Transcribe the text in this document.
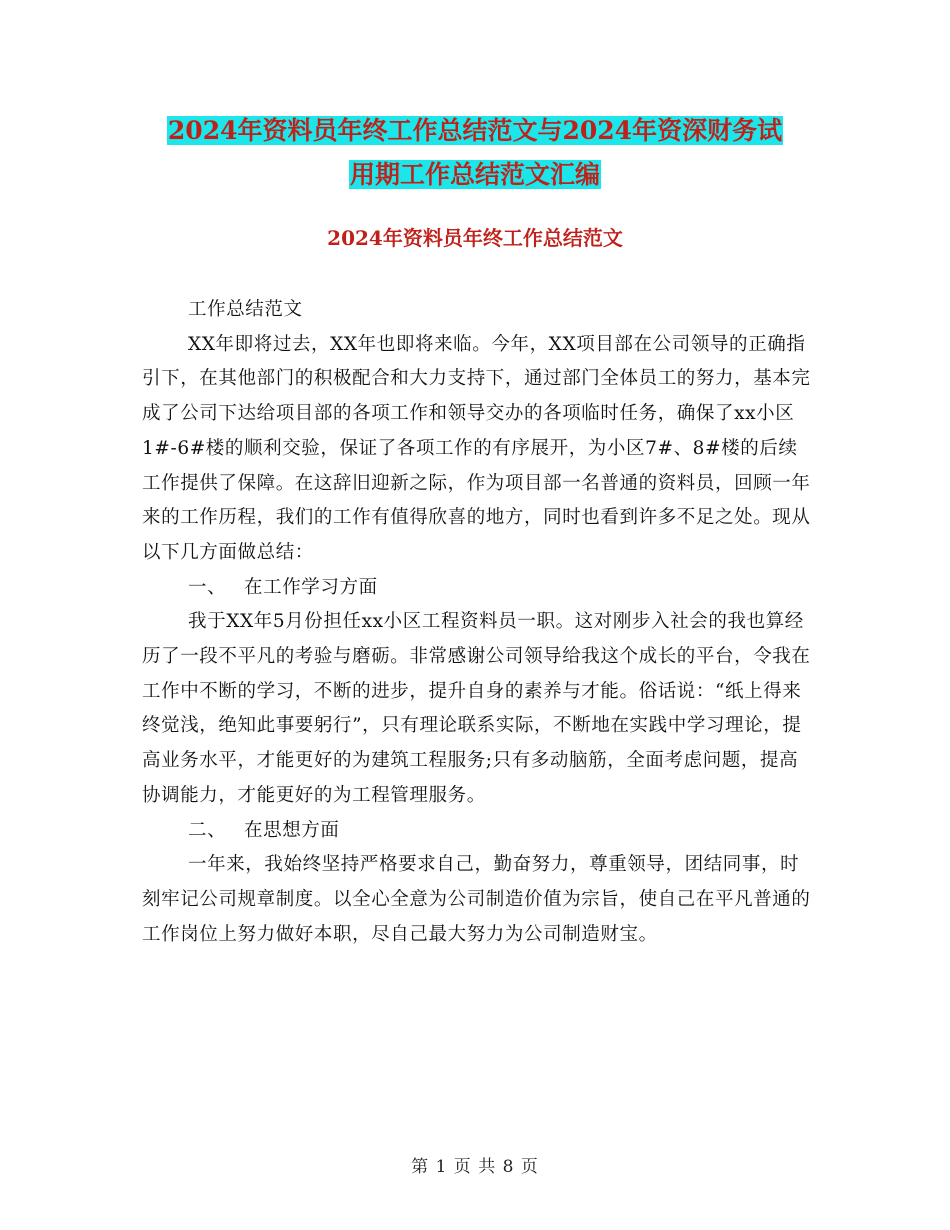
2024年资料员年终工作总结范文与2024年资深财务试
用期工作总结范文汇编
2024年资料员年终工作总结范文

工作总结范文

XX年即将过去，XX年也即将来临。今年，XX项目部在公司领导的正确指引下，在其他部门的积极配合和大力支持下，通过部门全体员工的努力，基本完成了公司下达给项目部的各项工作和领导交办的各项临时任务，确保了xx小区1#-6#楼的顺利交验，保证了各项工作的有序展开，为小区7#、8#楼的后续工作提供了保障。在这辞旧迎新之际，作为项目部一名普通的资料员，回顾一年来的工作历程，我们的工作有值得欣喜的地方，同时也看到许多不足之处。现从以下几方面做总结：

一、 在工作学习方面

我于XX年5月份担任xx小区工程资料员一职。这对刚步入社会的我也算经历了一段不平凡的考验与磨砺。非常感谢公司领导给我这个成长的平台，令我在工作中不断的学习，不断的进步，提升自身的素养与才能。俗话说：“纸上得来终觉浅，绝知此事要躬行”，只有理论联系实际，不断地在实践中学习理论，提高业务水平，才能更好的为建筑工程服务;只有多动脑筋，全面考虑问题，提高协调能力，才能更好的为工程管理服务。

二、 在思想方面

一年来，我始终坚持严格要求自己，勤奋努力，尊重领导，团结同事，时刻牢记公司规章制度。以全心全意为公司制造价值为宗旨，使自己在平凡普通的工作岗位上努力做好本职，尽自己最大努力为公司制造财宝。

第 1 页 共 8 页
